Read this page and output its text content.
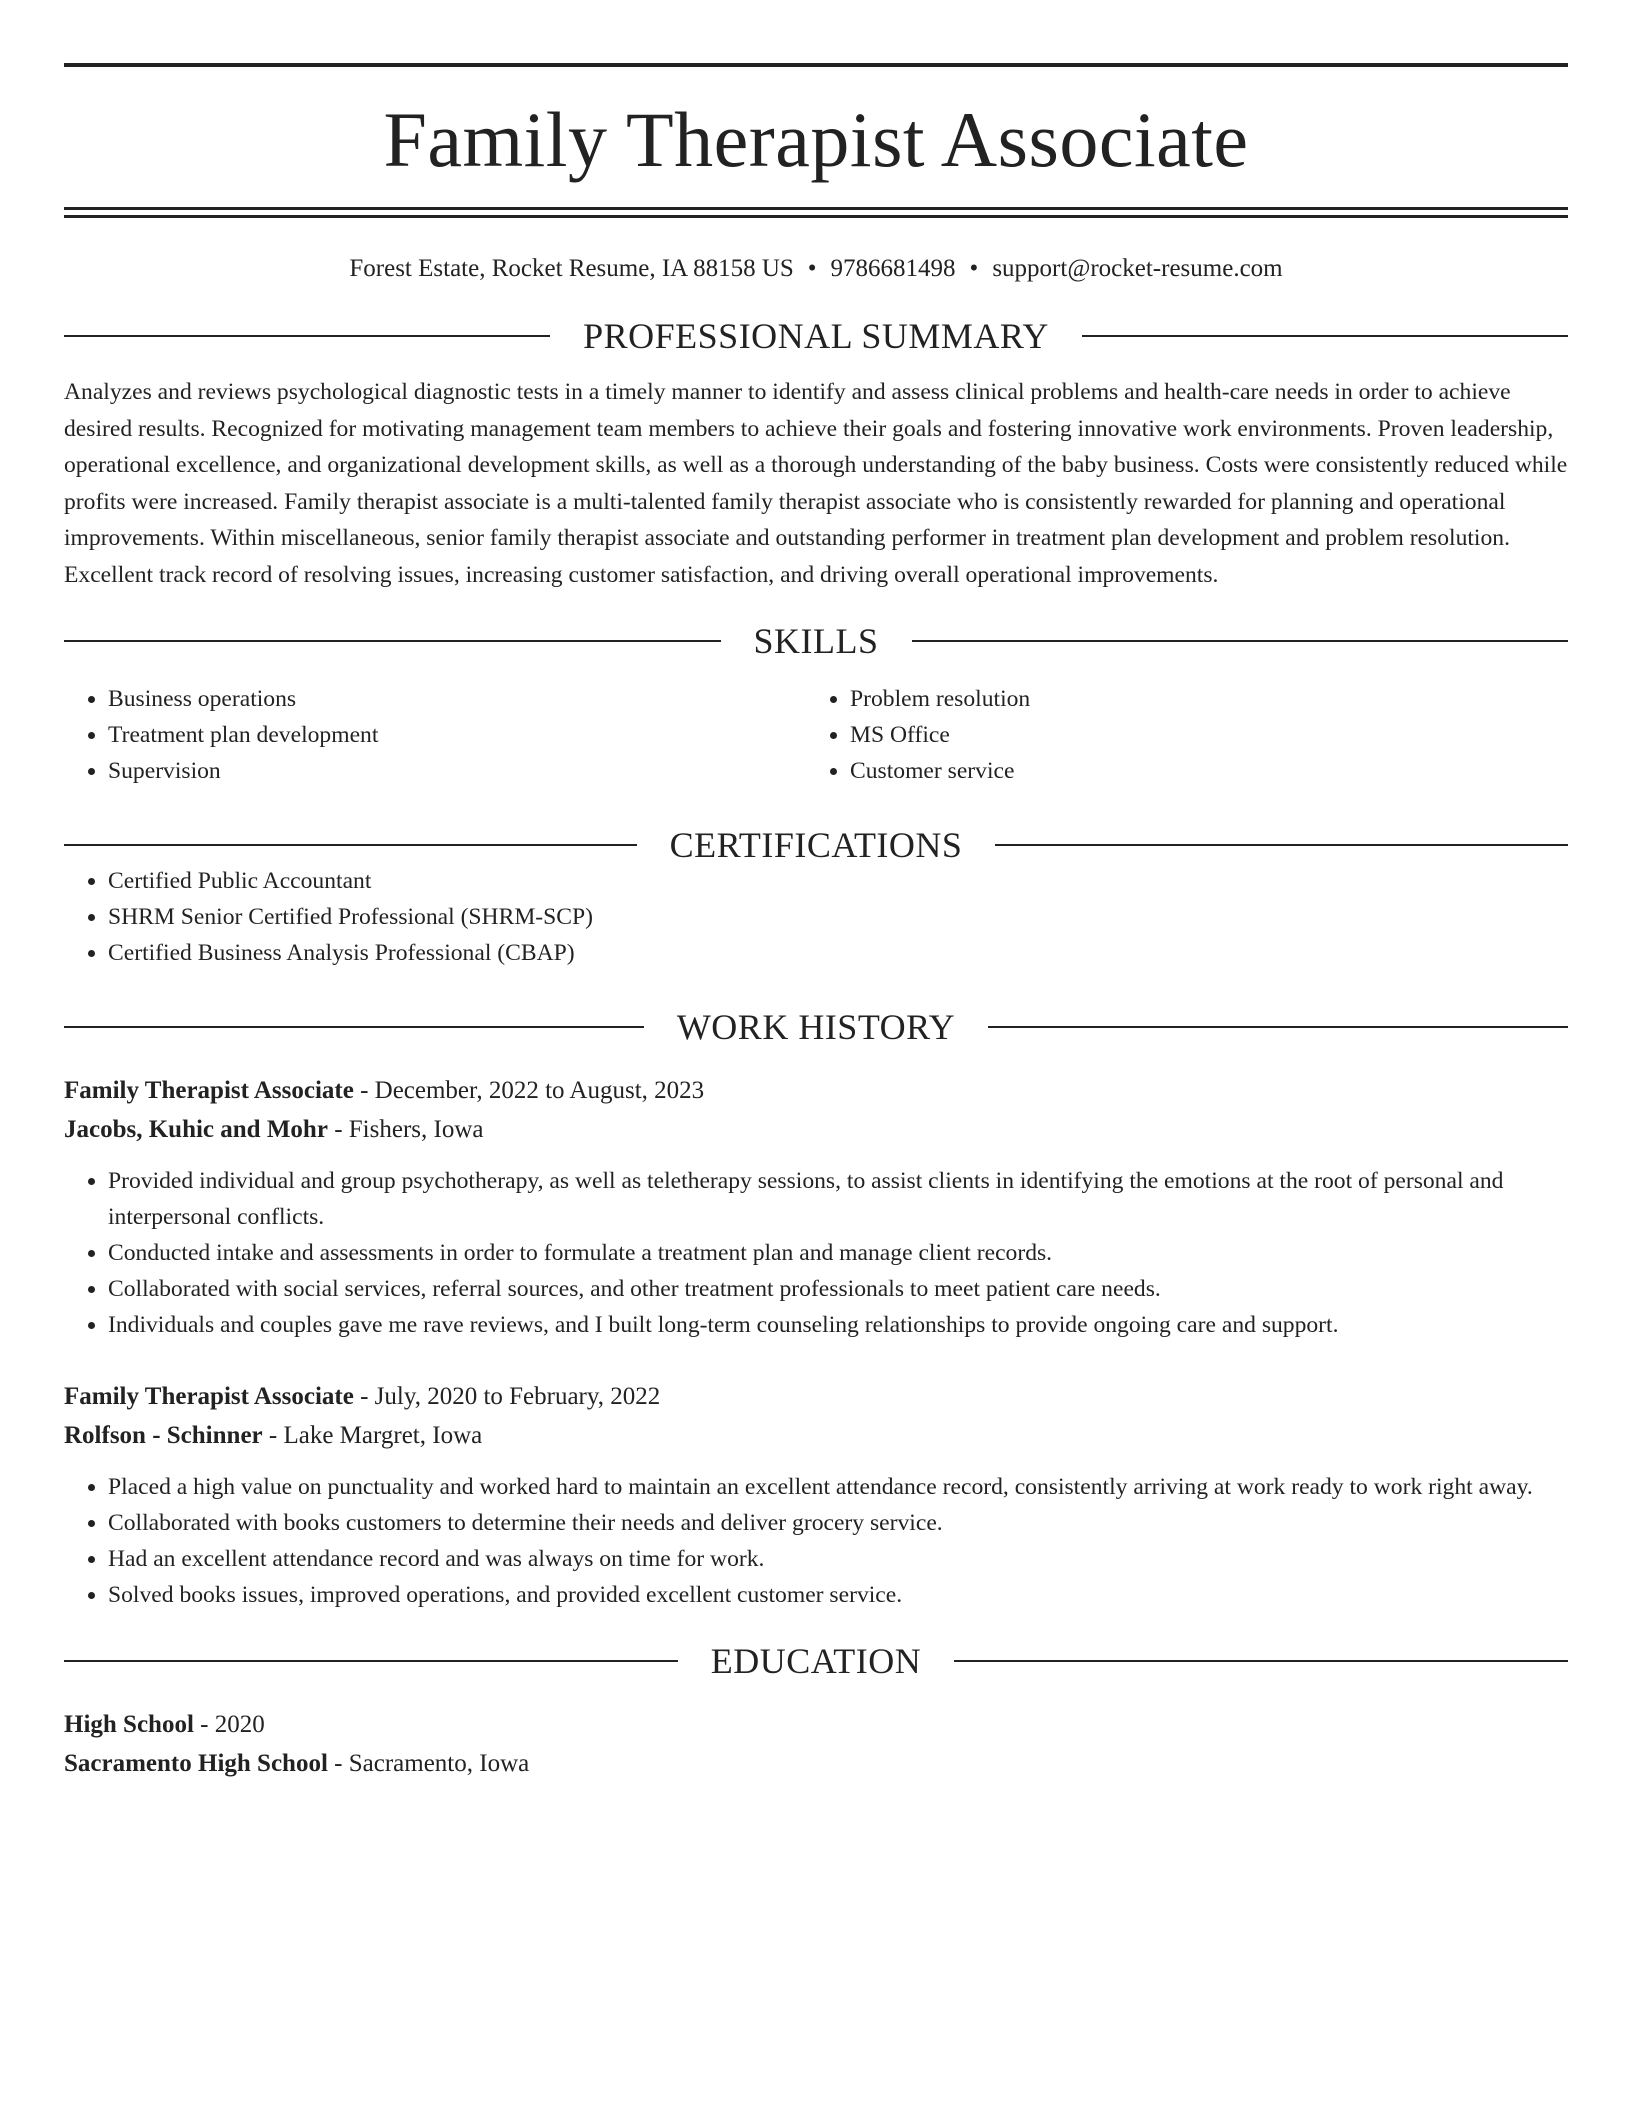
Family Therapist Associate
Forest Estate, Rocket Resume, IA 88158 US • 9786681498 • support@rocket-resume.com
PROFESSIONAL SUMMARY
Analyzes and reviews psychological diagnostic tests in a timely manner to identify and assess clinical problems and health-care needs in order to achieve desired results. Recognized for motivating management team members to achieve their goals and fostering innovative work environments. Proven leadership, operational excellence, and organizational development skills, as well as a thorough understanding of the baby business. Costs were consistently reduced while profits were increased. Family therapist associate is a multi-talented family therapist associate who is consistently rewarded for planning and operational improvements. Within miscellaneous, senior family therapist associate and outstanding performer in treatment plan development and problem resolution. Excellent track record of resolving issues, increasing customer satisfaction, and driving overall operational improvements.
SKILLS
• Business operations
• Treatment plan development
• Supervision
• Problem resolution
• MS Office
• Customer service
CERTIFICATIONS
• Certified Public Accountant
• SHRM Senior Certified Professional (SHRM-SCP)
• Certified Business Analysis Professional (CBAP)
WORK HISTORY
Family Therapist Associate - December, 2022 to August, 2023
Jacobs, Kuhic and Mohr - Fishers, Iowa
• Provided individual and group psychotherapy, as well as teletherapy sessions, to assist clients in identifying the emotions at the root of personal and interpersonal conflicts.
• Conducted intake and assessments in order to formulate a treatment plan and manage client records.
• Collaborated with social services, referral sources, and other treatment professionals to meet patient care needs.
• Individuals and couples gave me rave reviews, and I built long-term counseling relationships to provide ongoing care and support.
Family Therapist Associate - July, 2020 to February, 2022
Rolfson - Schinner - Lake Margret, Iowa
• Placed a high value on punctuality and worked hard to maintain an excellent attendance record, consistently arriving at work ready to work right away.
• Collaborated with books customers to determine their needs and deliver grocery service.
• Had an excellent attendance record and was always on time for work.
• Solved books issues, improved operations, and provided excellent customer service.
EDUCATION
High School - 2020
Sacramento High School - Sacramento, Iowa
